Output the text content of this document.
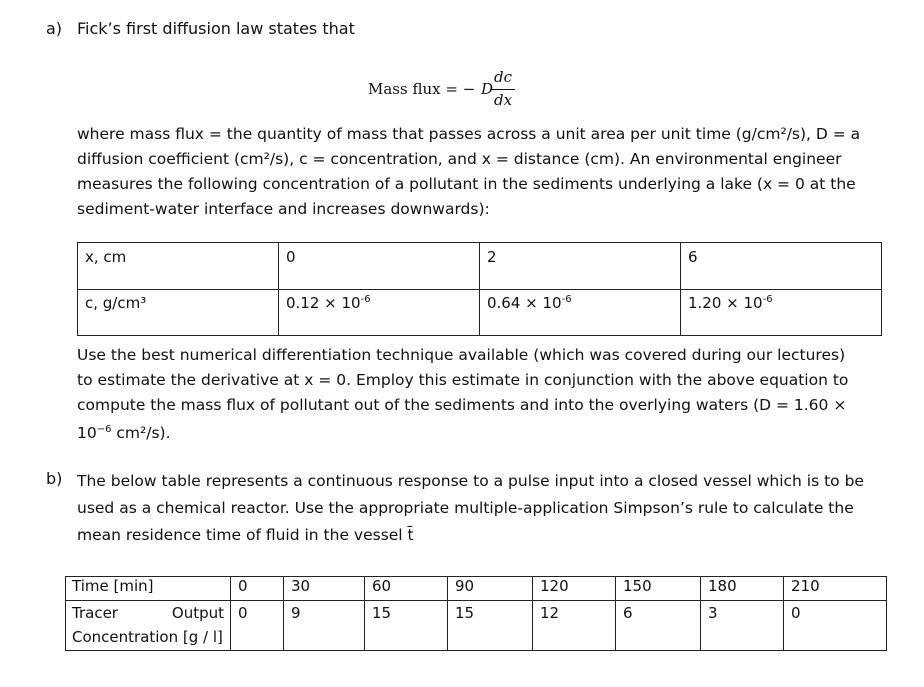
a) Fick’s first diffusion law states that
Mass flux = − D
dc
dx
where mass flux = the quantity of mass that passes across a unit area per unit time (g/cm²/s), D = a
diffusion coefficient (cm²/s), c = concentration, and x = distance (cm). An environmental engineer
measures the following concentration of a pollutant in the sediments underlying a lake (x = 0 at the
sediment-water interface and increases downwards):
x, cm	0	2	6
c, g/cm³	$0.12 \times 10^{-6}$	$0.64 \times 10^{-6}$	$1.20 \times 10^{-6}$
Use the best numerical differentiation technique available (which was covered during our lectures)
to estimate the derivative at x = 0. Employ this estimate in conjunction with the above equation to
compute the mass flux of pollutant out of the sediments and into the overlying waters (D = 1.60 ×
$10^{-6}$ cm²/s).
b) The below table represents a continuous response to a pulse input into a closed vessel which is to be
used as a chemical reactor. Use the appropriate multiple-application Simpson’s rule to calculate the
mean residence time of fluid in the vessel t̄
Time [min]	0	30	60	90	120	150	180	210

Tracer Output
Concentration [g / l]	0	9	15	15	12	6	3	0
